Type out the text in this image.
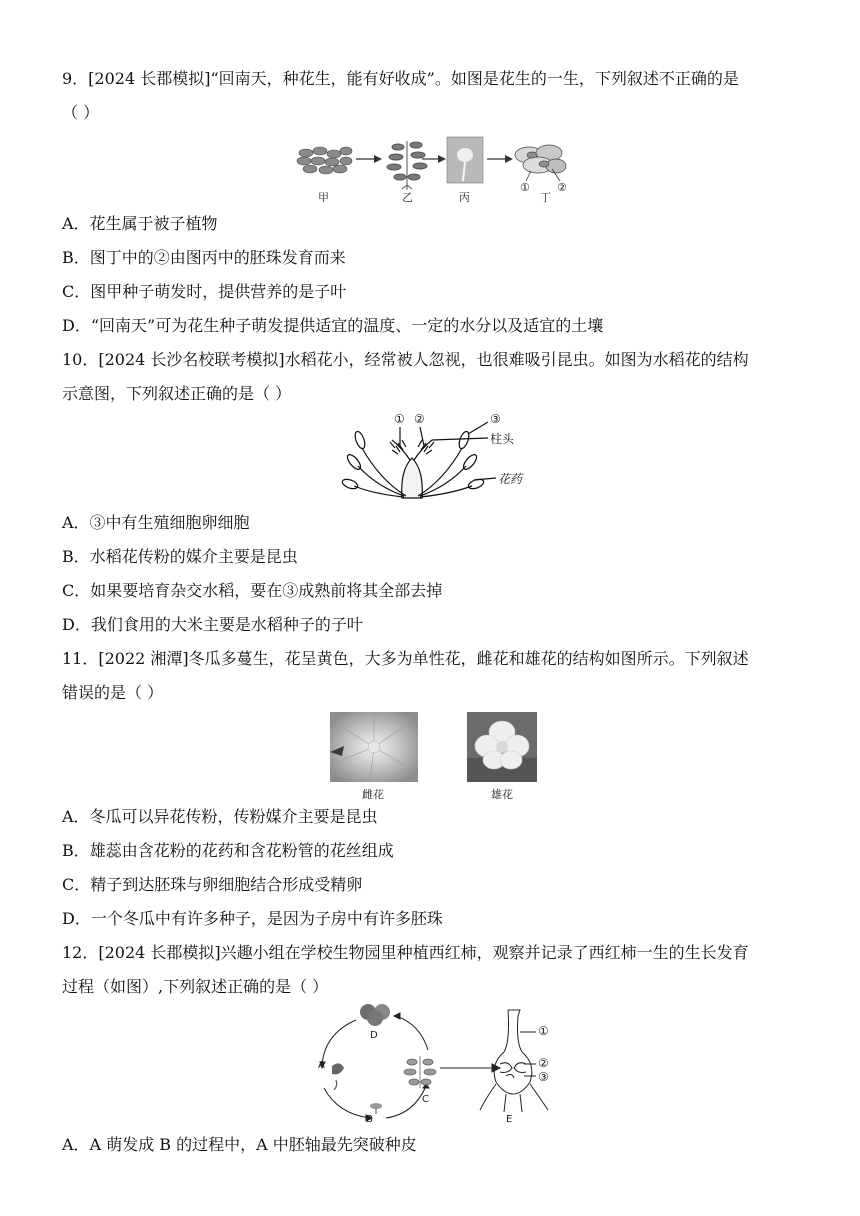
9．[2024 长郡模拟]“回南天，种花生，能有好收成”。如图是花生的一生，下列叙述不正确的是
（ ）
甲	乙	丙
①
丁
②
A．花生属于被子植物
B．图丁中的②由图丙中的胚珠发育而来
C．图甲种子萌发时，提供营养的是子叶
D．“回南天”可为花生种子萌发提供适宜的温度、一定的水分以及适宜的土壤
10．[2024 长沙名校联考模拟]水稻花小，经常被人忽视，也很难吸引昆虫。如图为水稻花的结构
示意图，下列叙述正确的是（ ）
① ②	③
柱头
花药
A．③中有生殖细胞卵细胞
B．水稻花传粉的媒介主要是昆虫
C．如果要培育杂交水稻，要在③成熟前将其全部去掉
D．我们食用的大米主要是水稻种子的子叶
11．[2022 湘潭]冬瓜多蔓生，花呈黄色，大多为单性花，雌花和雄花的结构如图所示。下列叙述
错误的是（ ）
雌花	雄花
A．冬瓜可以异花传粉，传粉媒介主要是昆虫
B．雄蕊由含花粉的花药和含花粉管的花丝组成
C．精子到达胚珠与卵细胞结合形成受精卵
D．一个冬瓜中有许多种子，是因为子房中有许多胚珠
12．[2024 长郡模拟]兴趣小组在学校生物园里种植西红柿，观察并记录了西红柿一生的生长发育
过程（如图）,下列叙述正确的是（ ）
D
A
B
C
E
①
②
③
A．A 萌发成 B 的过程中，A 中胚轴最先突破种皮
